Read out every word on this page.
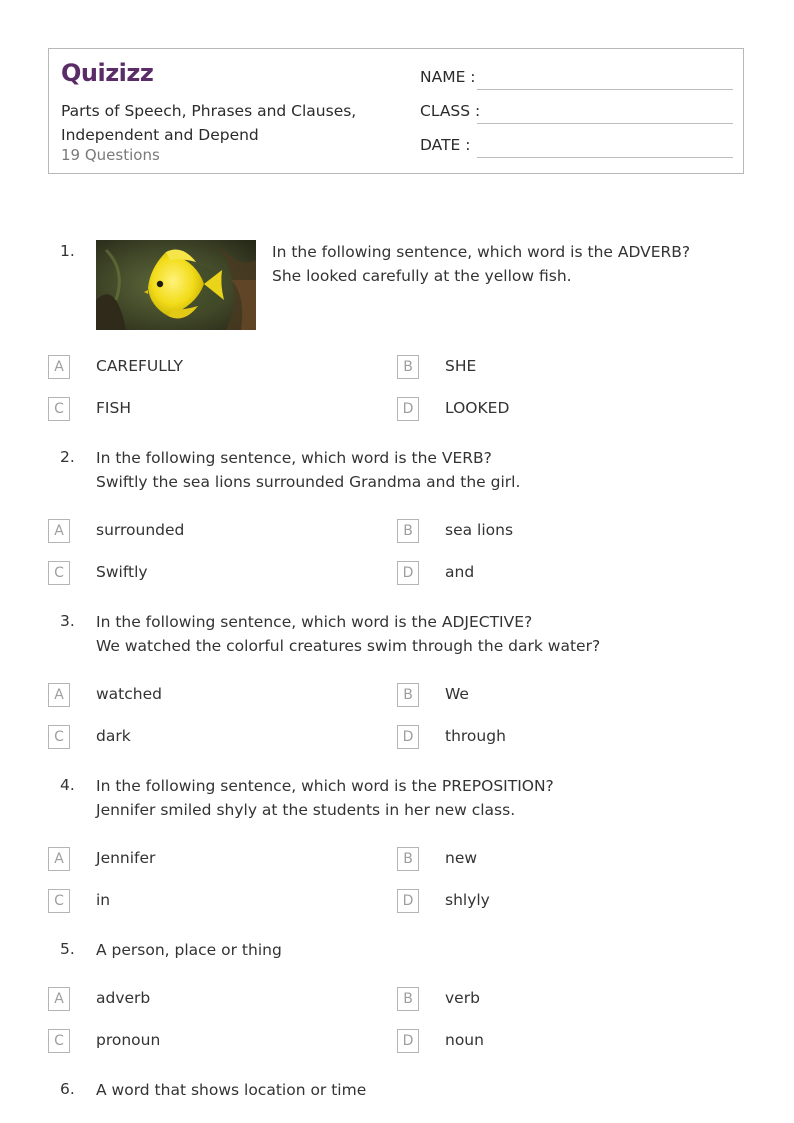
Quizizz
Parts of Speech, Phrases and Clauses,
Independent and Depend
19 Questions
NAME :
CLASS :
DATE :
1.	In the following sentence, which word is the ADVERB?
She looked carefully at the yellow fish.
A	CAREFULLY	B	SHE
C	FISH	D	LOOKED
2. In the following sentence, which word is the VERB?
Swiftly the sea lions surrounded Grandma and the girl.
A	surrounded	B	sea lions
C	Swiftly	D	and
3. In the following sentence, which word is the ADJECTIVE?
We watched the colorful creatures swim through the dark water?
A	watched	B	We
C	dark	D	through
4. In the following sentence, which word is the PREPOSITION?
Jennifer smiled shyly at the students in her new class.
A	Jennifer	B	new
C	in	D	shlyly
5. A person, place or thing
A	adverb	B	verb
C	pronoun	D	noun
6. A word that shows location or time
